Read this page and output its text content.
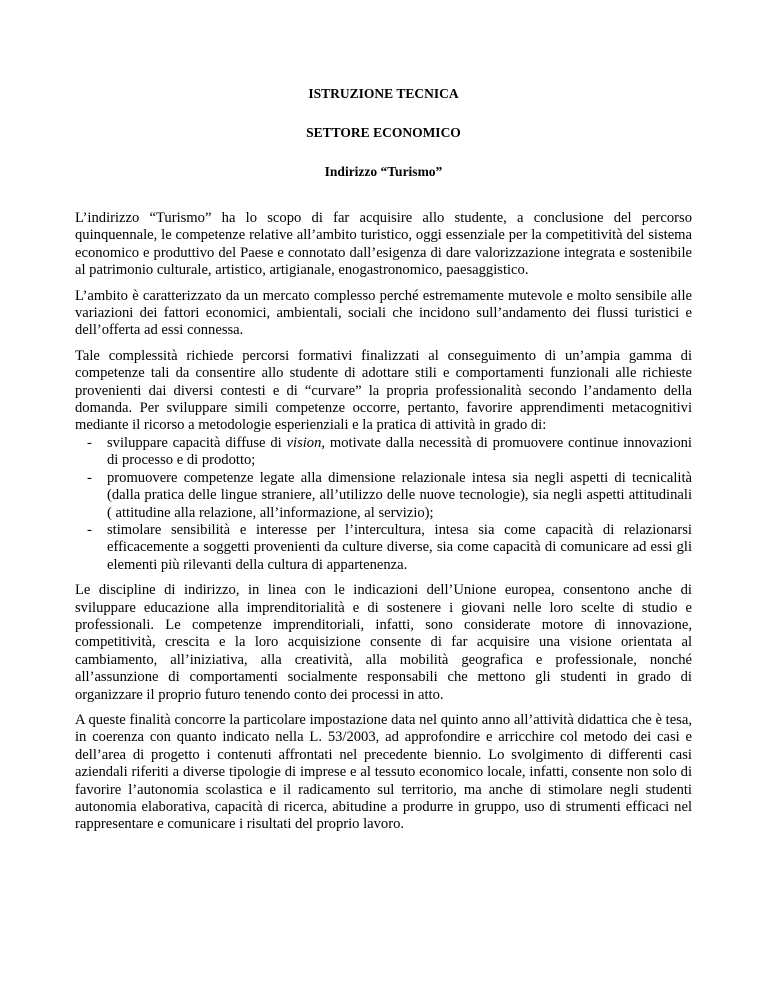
ISTRUZIONE TECNICA

SETTORE ECONOMICO

Indirizzo “Turismo”

L’indirizzo “Turismo” ha lo scopo di far acquisire allo studente, a conclusione del percorso quinquennale, le competenze relative all’ambito turistico, oggi essenziale per la competitività del sistema economico e produttivo del Paese e connotato dall’esigenza di dare valorizzazione integrata e sostenibile al patrimonio culturale, artistico, artigianale, enogastronomico, paesaggistico.

L’ambito è caratterizzato da un mercato complesso perché estremamente mutevole e molto sensibile alle variazioni dei fattori economici, ambientali, sociali che incidono sull’andamento dei flussi turistici e dell’offerta ad essi connessa.

Tale complessità richiede percorsi formativi finalizzati al conseguimento di un’ampia gamma di competenze tali da consentire allo studente di adottare stili e comportamenti funzionali alle richieste provenienti dai diversi contesti e di “curvare” la propria professionalità secondo l’andamento della domanda. Per sviluppare simili competenze occorre, pertanto, favorire apprendimenti metacognitivi mediante il ricorso a metodologie esperienziali e la pratica di attività in grado di:

- sviluppare capacità diffuse di vision, motivate dalla necessità di promuovere continue innovazioni di processo e di prodotto;
- promuovere competenze legate alla dimensione relazionale intesa sia negli aspetti di tecnicalità (dalla pratica delle lingue straniere, all’utilizzo delle nuove tecnologie), sia negli aspetti attitudinali ( attitudine alla relazione, all’informazione, al servizio);
- stimolare sensibilità e interesse per l’intercultura, intesa sia come capacità di relazionarsi efficacemente a soggetti provenienti da culture diverse, sia come capacità di comunicare ad essi gli elementi più rilevanti della cultura di appartenenza.

Le discipline di indirizzo, in linea con le indicazioni dell’Unione europea, consentono anche di sviluppare educazione alla imprenditorialità e di sostenere i giovani nelle loro scelte di studio e professionali. Le competenze imprenditoriali, infatti, sono considerate motore di innovazione, competitività, crescita e la loro acquisizione consente di far acquisire una visione orientata al cambiamento, all’iniziativa, alla creatività, alla mobilità geografica e professionale, nonché all’assunzione di comportamenti socialmente responsabili che mettono gli studenti in grado di organizzare il proprio futuro tenendo conto dei processi in atto.

A queste finalità concorre la particolare impostazione data nel quinto anno all’attività didattica che è tesa, in coerenza con quanto indicato nella L. 53/2003, ad approfondire e arricchire col metodo dei casi e dell’area di progetto i contenuti affrontati nel precedente biennio. Lo svolgimento di differenti casi aziendali riferiti a diverse tipologie di imprese e al tessuto economico locale, infatti, consente non solo di favorire l’autonomia scolastica e il radicamento sul territorio, ma anche di stimolare negli studenti autonomia elaborativa, capacità di ricerca, abitudine a produrre in gruppo, uso di strumenti efficaci nel rappresentare e comunicare i risultati del proprio lavoro.
